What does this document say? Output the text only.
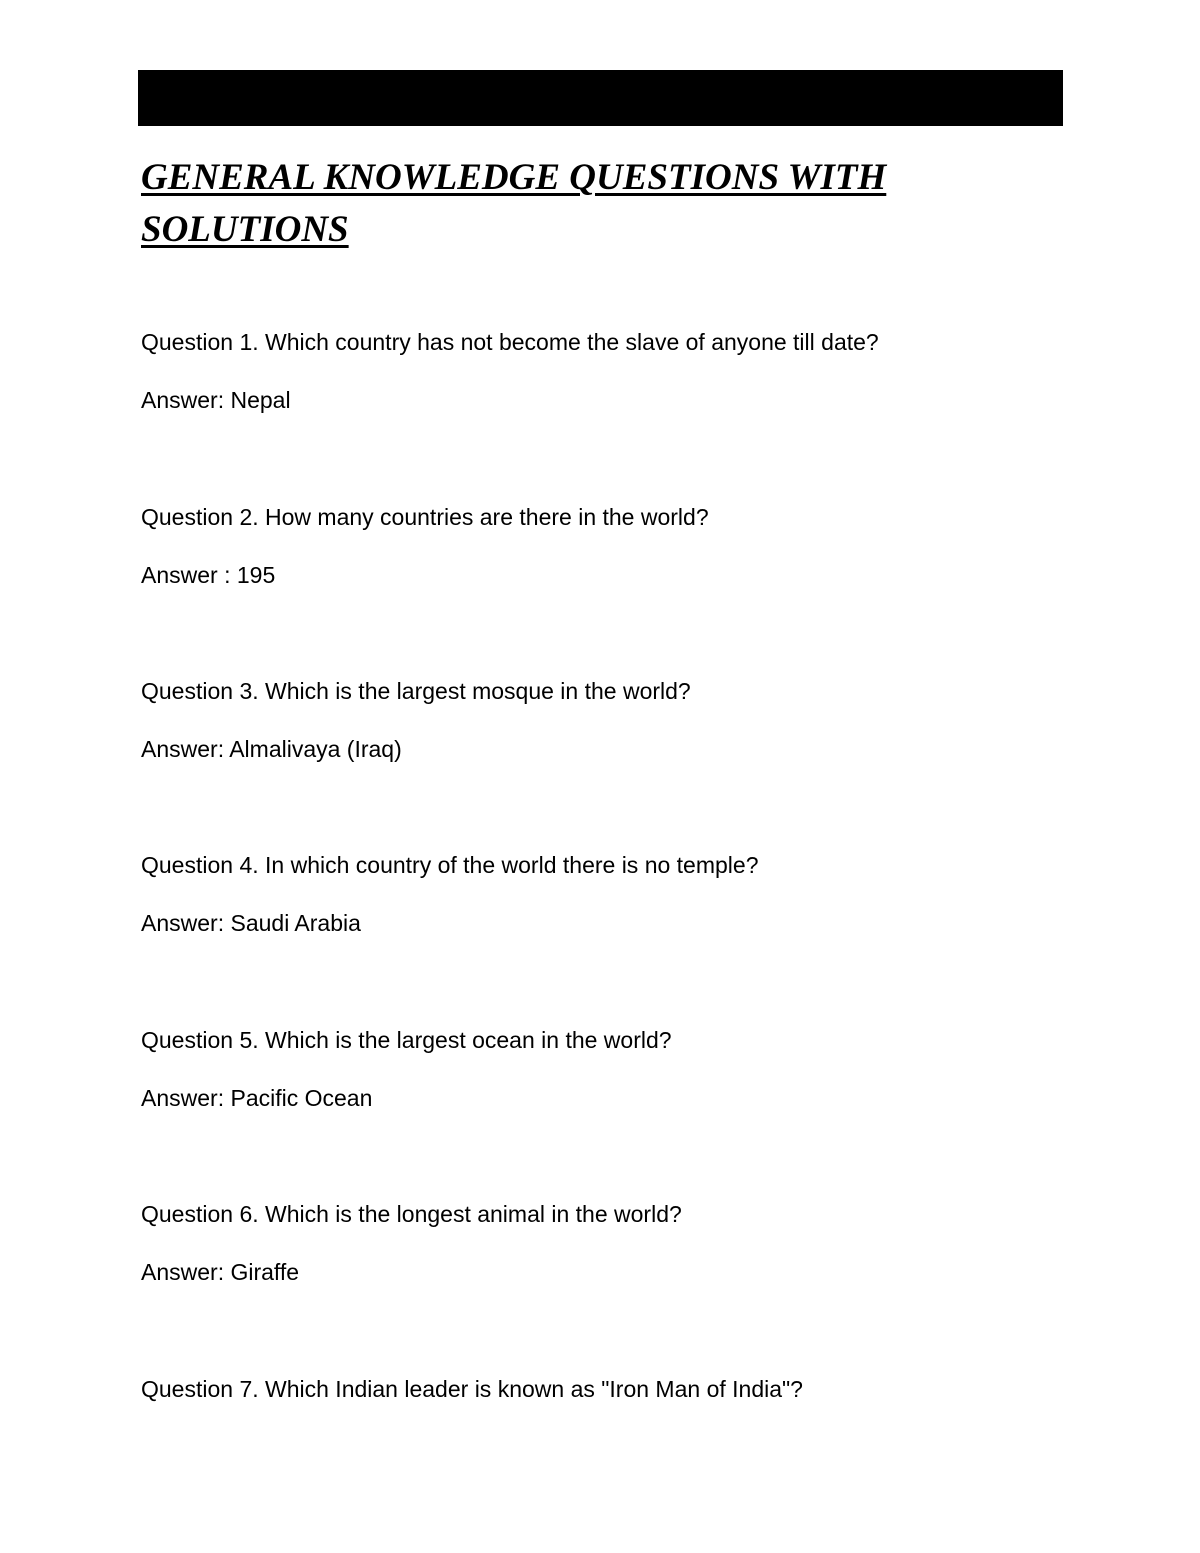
GENERAL KNOWLEDGE QUESTIONS WITH SOLUTIONS
Question 1. Which country has not become the slave of anyone till date?
Answer: Nepal
Question 2. How many countries are there in the world?
Answer : 195
Question 3. Which is the largest mosque in the world?
Answer: Almalivaya (Iraq)
Question 4. In which country of the world there is no temple?
Answer: Saudi Arabia
Question 5. Which is the largest ocean in the world?
Answer: Pacific Ocean
Question 6. Which is the longest animal in the world?
Answer: Giraffe
Question 7. Which Indian leader is known as "Iron Man of India"?
